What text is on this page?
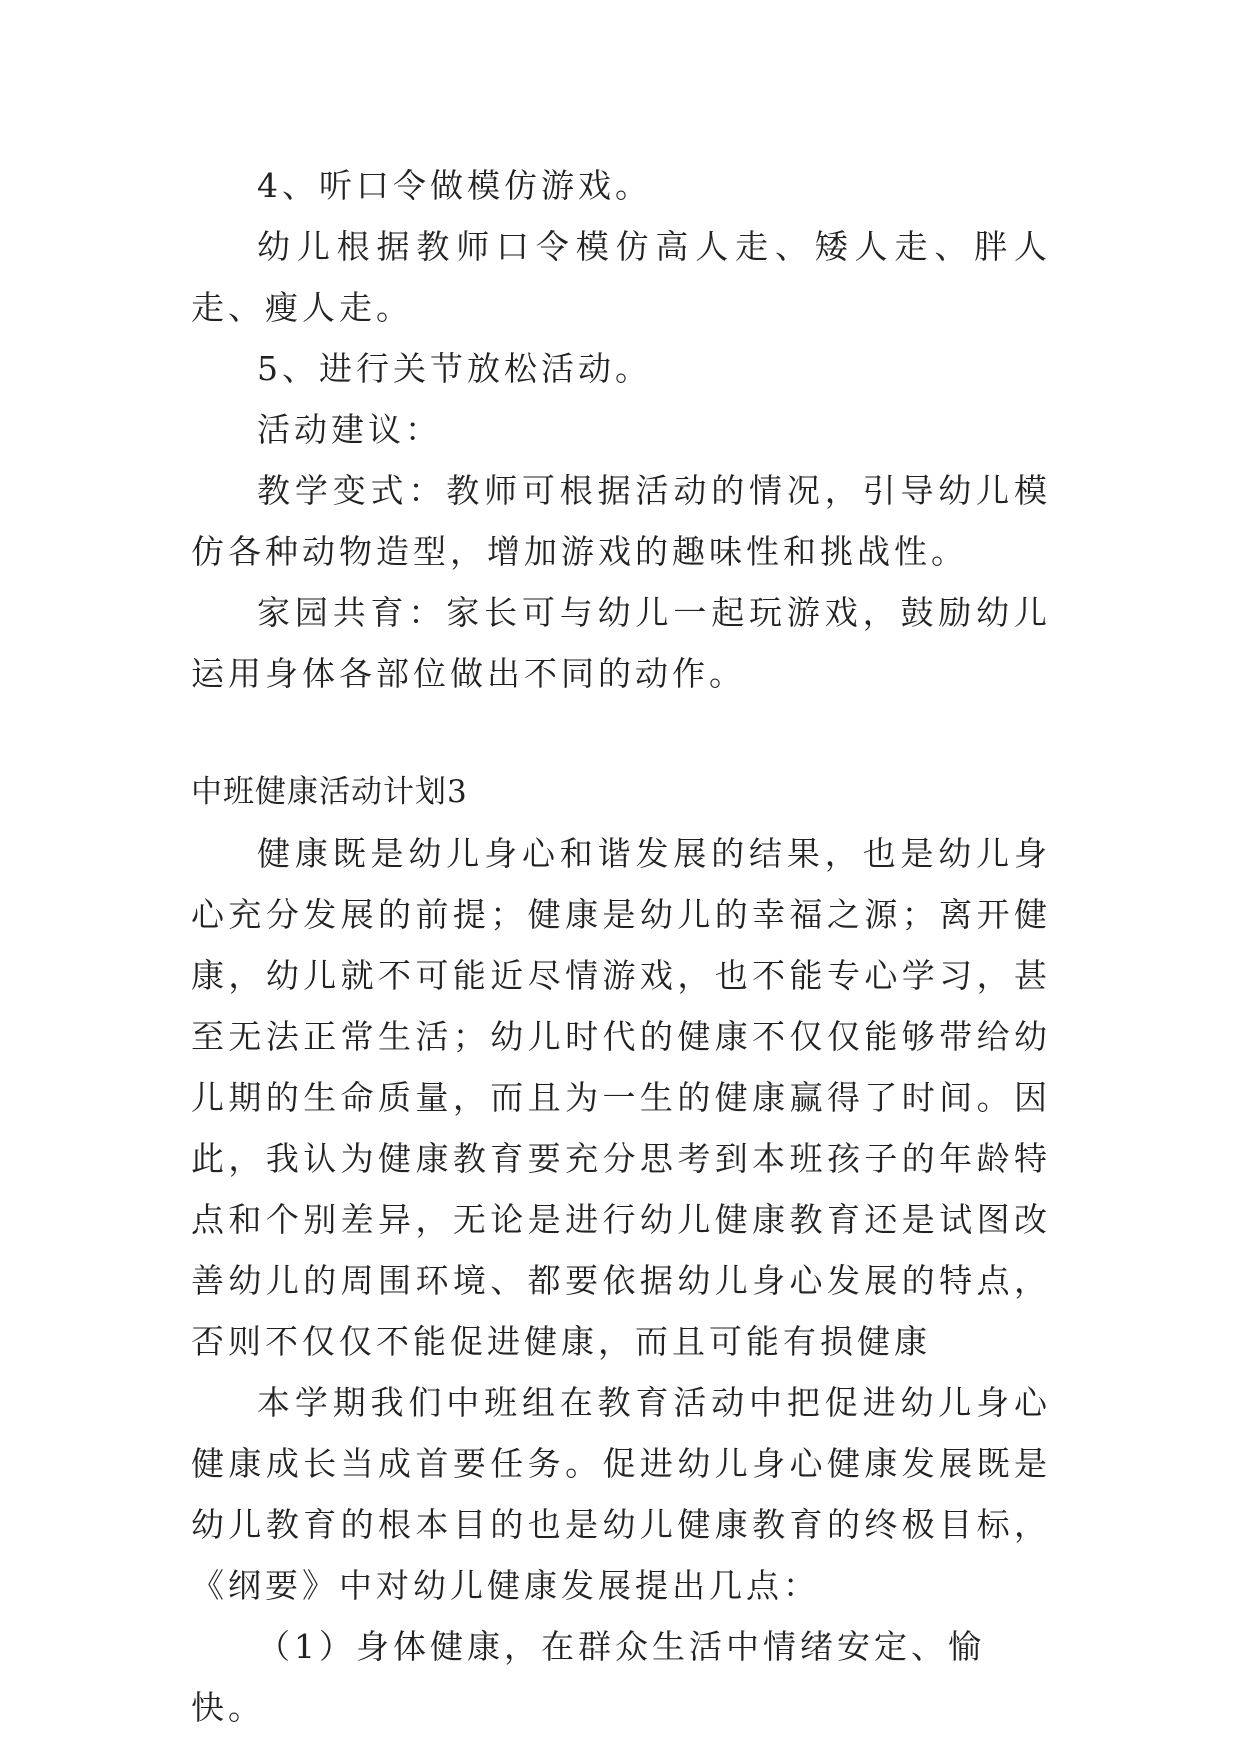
4、听口令做模仿游戏。

幼儿根据教师口令模仿高人走、矮人走、胖人走、瘦人走。

5、进行关节放松活动。

活动建议：

教学变式：教师可根据活动的情况，引导幼儿模仿各种动物造型，增加游戏的趣味性和挑战性。

家园共育：家长可与幼儿一起玩游戏，鼓励幼儿运用身体各部位做出不同的动作。

中班健康活动计划3

健康既是幼儿身心和谐发展的结果，也是幼儿身心充分发展的前提；健康是幼儿的幸福之源；离开健康，幼儿就不可能近尽情游戏，也不能专心学习，甚至无法正常生活；幼儿时代的健康不仅仅能够带给幼儿期的生命质量，而且为一生的健康赢得了时间。因此，我认为健康教育要充分思考到本班孩子的年龄特点和个别差异，无论是进行幼儿健康教育还是试图改善幼儿的周围环境、都要依据幼儿身心发展的特点，否则不仅仅不能促进健康，而且可能有损健康

本学期我们中班组在教育活动中把促进幼儿身心健康成长当成首要任务。促进幼儿身心健康发展既是幼儿教育的根本目的也是幼儿健康教育的终极目标，《纲要》中对幼儿健康发展提出几点：

（1）身体健康，在群众生活中情绪安定、愉快。
